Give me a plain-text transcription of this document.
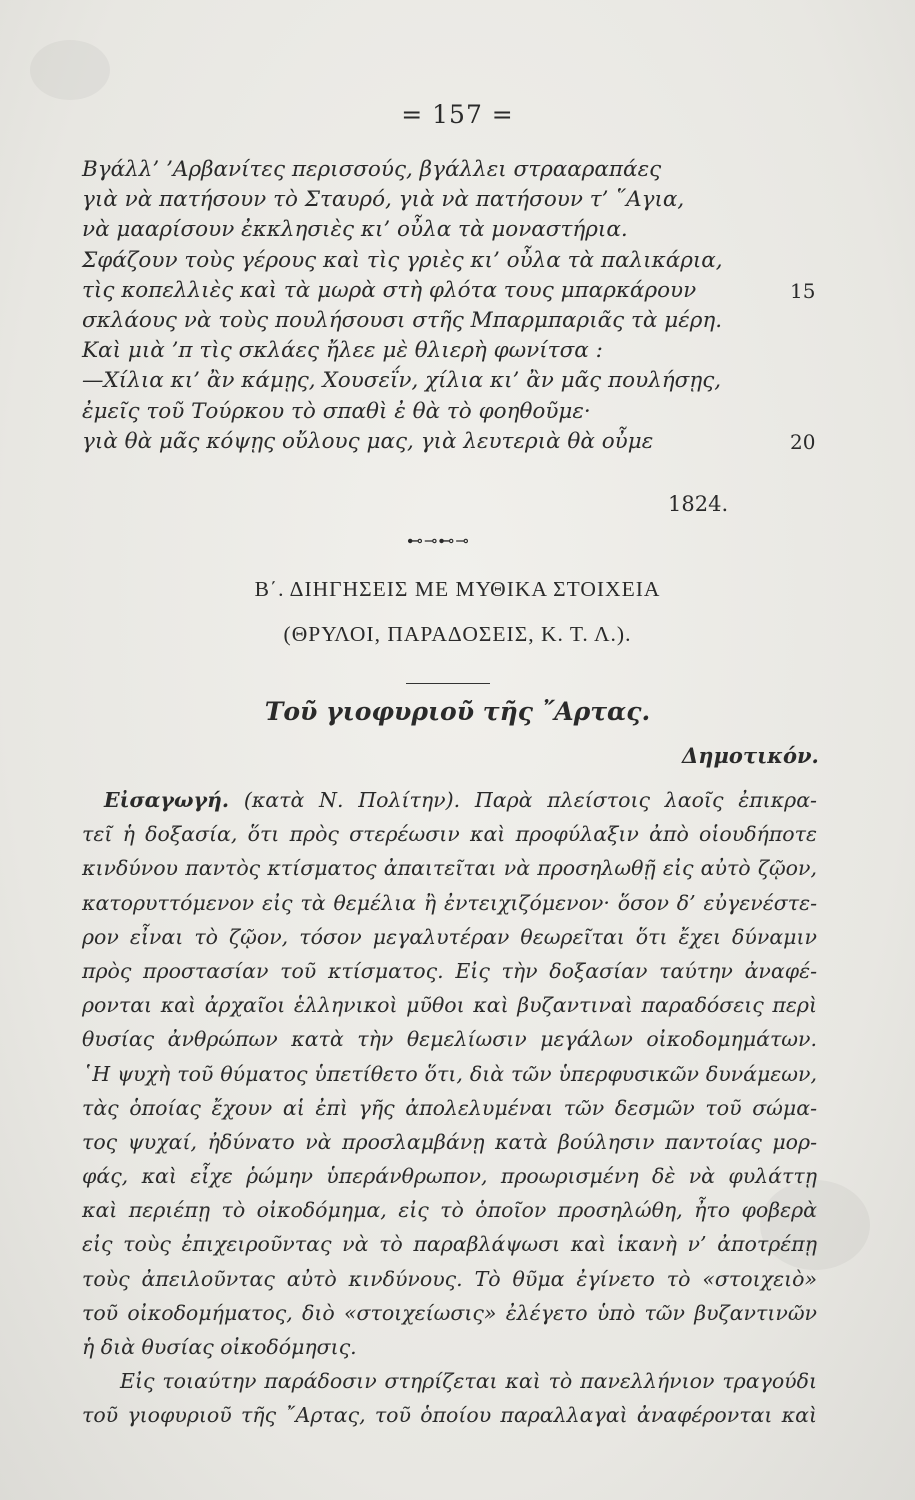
= 157 =
Βγάλλ’ ’Αρβανίτες περισσούς, βγάλλει στρααραπάες
γιὰ νὰ πατήσουν τὸ Σταυρό, γιὰ νὰ πατήσουν τ’ ῞Αγια,
νὰ μααρίσουν ἐκκλησιὲς κι’ οὖλα τὰ μοναστήρια.
Σφάζουν τοὺς γέρους καὶ τὶς γριὲς κι’ οὖλα τὰ παλικάρια,
τὶς κοπελλιὲς καὶ τὰ μωρὰ στὴ φλότα τους μπαρκάρουν	15
σκλάους νὰ τοὺς πουλήσουσι στῆς Μπαρμπαριᾶς τὰ μέρη.
Καὶ μιὰ ’π τὶς σκλάες ἤλεε μὲ θλιερὴ φωνίτσα :
—Χίλια κι’ ἂν κάμῃς, Χουσεΐν, χίλια κι’ ἂν μᾶς πουλήσῃς,
ἐμεῖς τοῦ Τούρκου τὸ σπαθὶ ἐ θὰ τὸ φοηθοῦμε·
γιὰ θὰ μᾶς κόψῃς οὔλους μας, γιὰ λευτεριὰ θὰ οὖμε	20
1824.
⊷⊸⊷⊸
Β΄. ΔΙΗΓΗΣΕΙΣ ΜΕ ΜΥΘΙΚΑ ΣΤΟΙΧΕΙΑ
(ΘΡΥΛΟΙ, ΠΑΡΑΔΟΣΕΙΣ, Κ. Τ. Λ.).
Τοῦ γιοφυριοῦ τῆς ῎Αρτας.
Δημοτικόν.
Εἰσαγωγή. (κατὰ Ν. Πολίτην). Παρὰ πλείστοις λαοῖς ἐπικρα-
τεῖ ἡ δοξασία, ὅτι πρὸς στερέωσιν καὶ προφύλαξιν ἀπὸ οἱουδήποτε
κινδύνου παντὸς κτίσματος ἀπαιτεῖται νὰ προσηλωθῇ εἰς αὐτὸ ζῷον,
κατορυττόμενον εἰς τὰ θεμέλια ἢ ἐντειχιζόμενον· ὅσον δ’ εὐγενέστε-
ρον εἶναι τὸ ζῷον, τόσον μεγαλυτέραν θεωρεῖται ὅτι ἔχει δύναμιν
πρὸς προστασίαν τοῦ κτίσματος. Εἰς τὴν δοξασίαν ταύτην ἀναφέ-
ρονται καὶ ἀρχαῖοι ἑλληνικοὶ μῦθοι καὶ βυζαντιναὶ παραδόσεις περὶ
θυσίας ἀνθρώπων κατὰ τὴν θεμελίωσιν μεγάλων οἰκοδομημάτων.
῾Η ψυχὴ τοῦ θύματος ὑπετίθετο ὅτι, διὰ τῶν ὑπερφυσικῶν δυνάμεων,
τὰς ὁποίας ἔχουν αἱ ἐπὶ γῆς ἀπολελυμέναι τῶν δεσμῶν τοῦ σώμα-
τος ψυχαί, ἠδύνατο νὰ προσλαμβάνῃ κατὰ βούλησιν παντοίας μορ-
φάς, καὶ εἶχε ῥώμην ὑπεράνθρωπον, προωρισμένη δὲ νὰ φυλάττῃ
καὶ περιέπῃ τὸ οἰκοδόμημα, εἰς τὸ ὁποῖον προσηλώθη, ἦτο φοβερὰ
εἰς τοὺς ἐπιχειροῦντας νὰ τὸ παραβλάψωσι καὶ ἱκανὴ ν’ ἀποτρέπῃ
τοὺς ἀπειλοῦντας αὐτὸ κινδύνους. Τὸ θῦμα ἐγίνετο τὸ «στοιχειὸ»
τοῦ οἰκοδομήματος, διὸ «στοιχείωσις» ἐλέγετο ὑπὸ τῶν βυζαντινῶν
ἡ διὰ θυσίας οἰκοδόμησις.
Εἰς τοιαύτην παράδοσιν στηρίζεται καὶ τὸ πανελλήνιον τραγούδι
τοῦ γιοφυριοῦ τῆς ῎Αρτας, τοῦ ὁποίου παραλλαγαὶ ἀναφέρονται καὶ
